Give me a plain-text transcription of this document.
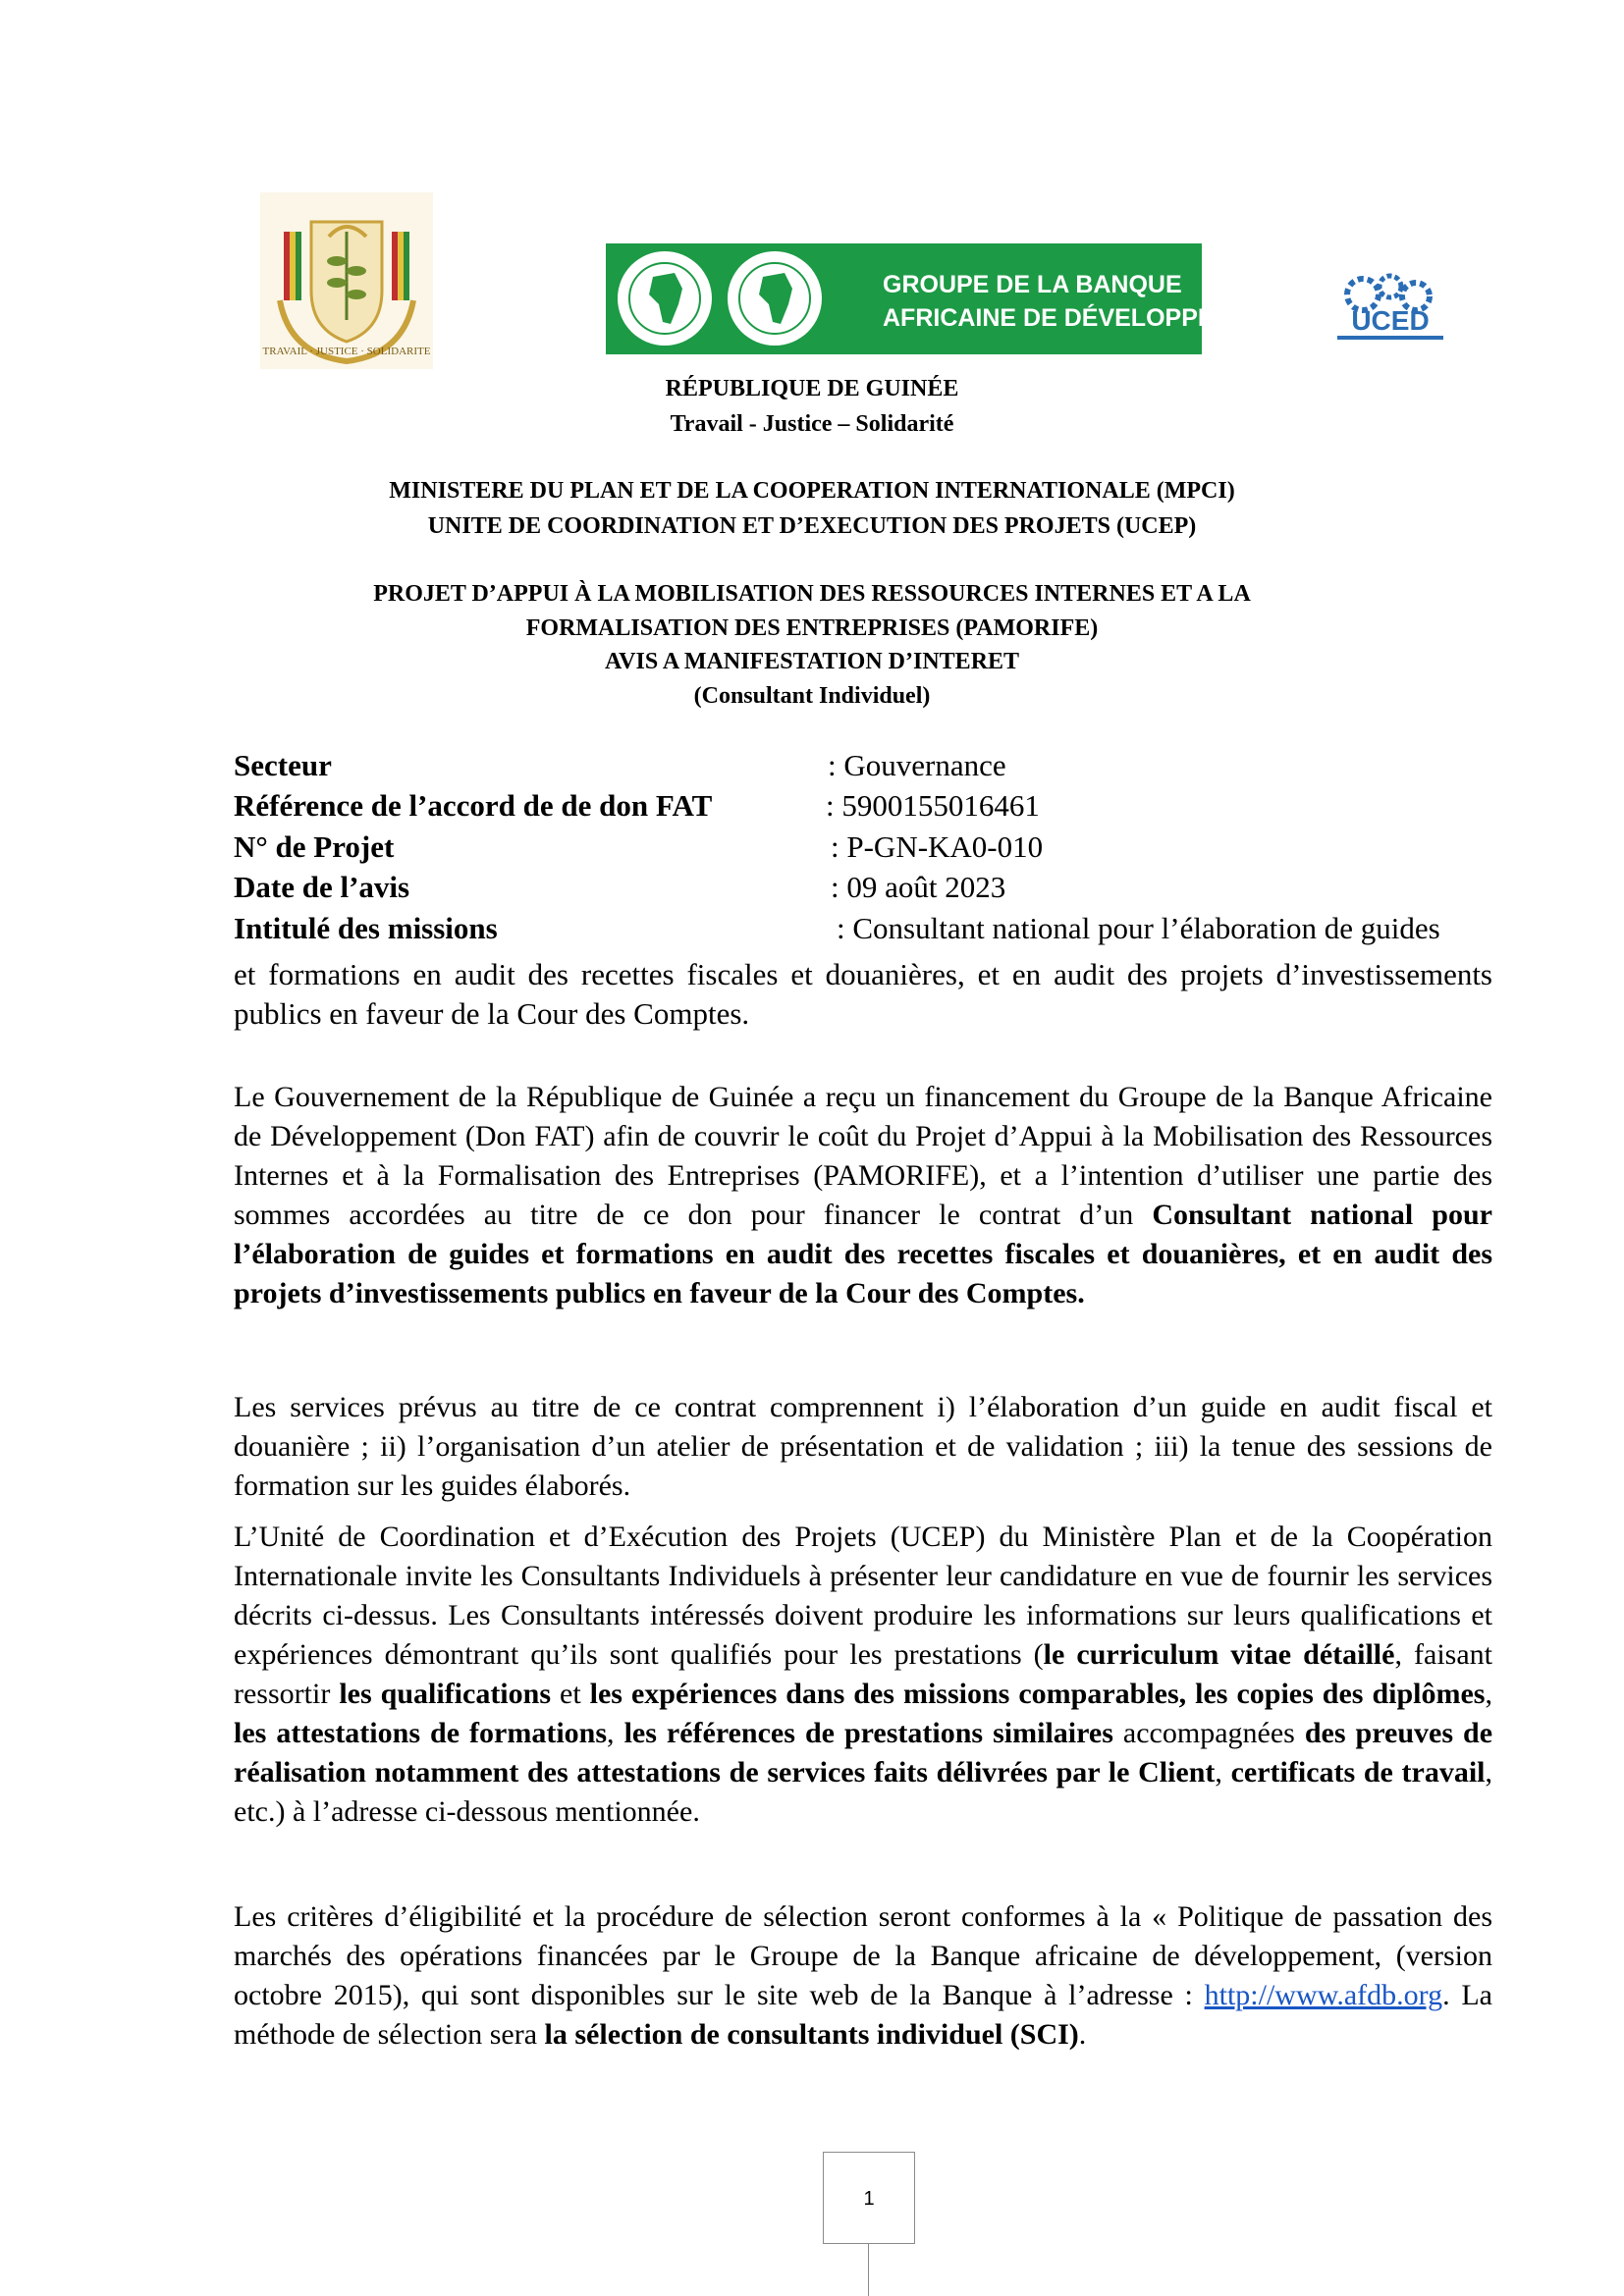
TRAVAIL · JUSTICE · SOLIDARITE
GROUPE DE LA BANQUE
AFRICAINE DE DÉVELOPPEMENT UCED
RÉPUBLIQUE DE GUINÉE
Travail - Justice – Solidarité
MINISTERE DU PLAN ET DE LA COOPERATION INTERNATIONALE (MPCI)
UNITE DE COORDINATION ET D’EXECUTION DES PROJETS (UCEP)
PROJET D’APPUI À LA MOBILISATION DES RESSOURCES INTERNES ET A LA
FORMALISATION DES ENTREPRISES (PAMORIFE)
AVIS A MANIFESTATION D’INTERET
(Consultant Individuel)
Secteur	: Gouvernance
Référence de l’accord de de don FAT	: 5900155016461
N° de Projet	: P-GN-KA0-010
Date de l’avis	: 09 août 2023
Intitulé des missions	: Consultant national pour l’élaboration de guides
et formations en audit des recettes fiscales et douanières, et en audit des projets d’investissements publics en faveur de la Cour des Comptes.
Le Gouvernement de la République de Guinée a reçu un financement du Groupe de la Banque Africaine de Développement (Don FAT) afin de couvrir le coût du Projet d’Appui à la Mobilisation des Ressources Internes et à la Formalisation des Entreprises (PAMORIFE), et a l’intention d’utiliser une partie des sommes accordées au titre de ce don pour financer le contrat d’un Consultant national pour l’élaboration de guides et formations en audit des recettes fiscales et douanières, et en audit des projets d’investissements publics en faveur de la Cour des Comptes.
Les services prévus au titre de ce contrat comprennent i) l’élaboration d’un guide en audit fiscal et douanière ; ii) l’organisation d’un atelier de présentation et de validation ; iii) la tenue des sessions de formation sur les guides élaborés.
L’Unité de Coordination et d’Exécution des Projets (UCEP) du Ministère Plan et de la Coopération Internationale invite les Consultants Individuels à présenter leur candidature en vue de fournir les services décrits ci-dessus. Les Consultants intéressés doivent produire les informations sur leurs qualifications et expériences démontrant qu’ils sont qualifiés pour les prestations (le curriculum vitae détaillé, faisant ressortir les qualifications et les expériences dans des missions comparables, les copies des diplômes, les attestations de formations, les références de prestations similaires accompagnées des preuves de réalisation notamment des attestations de services faits délivrées par le Client, certificats de travail, etc.) à l’adresse ci-dessous mentionnée.
Les critères d’éligibilité et la procédure de sélection seront conformes à la « Politique de passation des marchés des opérations financées par le Groupe de la Banque africaine de développement, (version octobre 2015), qui sont disponibles sur le site web de la Banque à l’adresse : http://www.afdb.org. La méthode de sélection sera la sélection de consultants individuel (SCI).
1
